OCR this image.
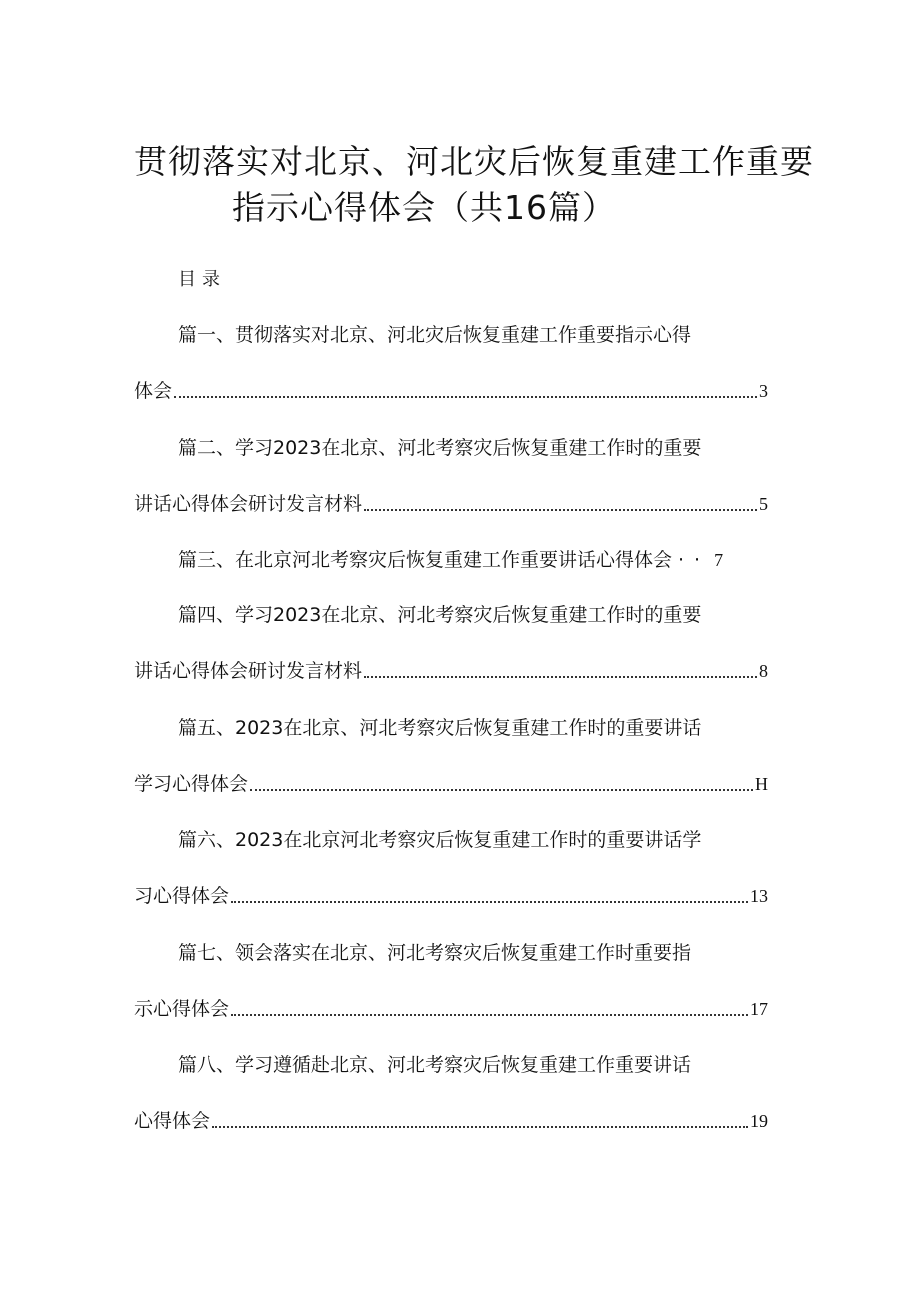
贯彻落实对北京、河北灾后恢复重建工作重要
指示心得体会（共16篇）
目录
篇一、贯彻落实对北京、河北灾后恢复重建工作重要指示心得
体会	3
篇二、学习2023在北京、河北考察灾后恢复重建工作时的重要
讲话心得体会研讨发言材料	5
篇三、在北京河北考察灾后恢复重建工作重要讲话心得体会 ·· 7
篇四、学习2023在北京、河北考察灾后恢复重建工作时的重要
讲话心得体会研讨发言材料	8
篇五、2023在北京、河北考察灾后恢复重建工作时的重要讲话
学习心得体会	H
篇六、2023在北京河北考察灾后恢复重建工作时的重要讲话学
习心得体会	13
篇七、领会落实在北京、河北考察灾后恢复重建工作时重要指
示心得体会	17
篇八、学习遵循赴北京、河北考察灾后恢复重建工作重要讲话
心得体会	19
